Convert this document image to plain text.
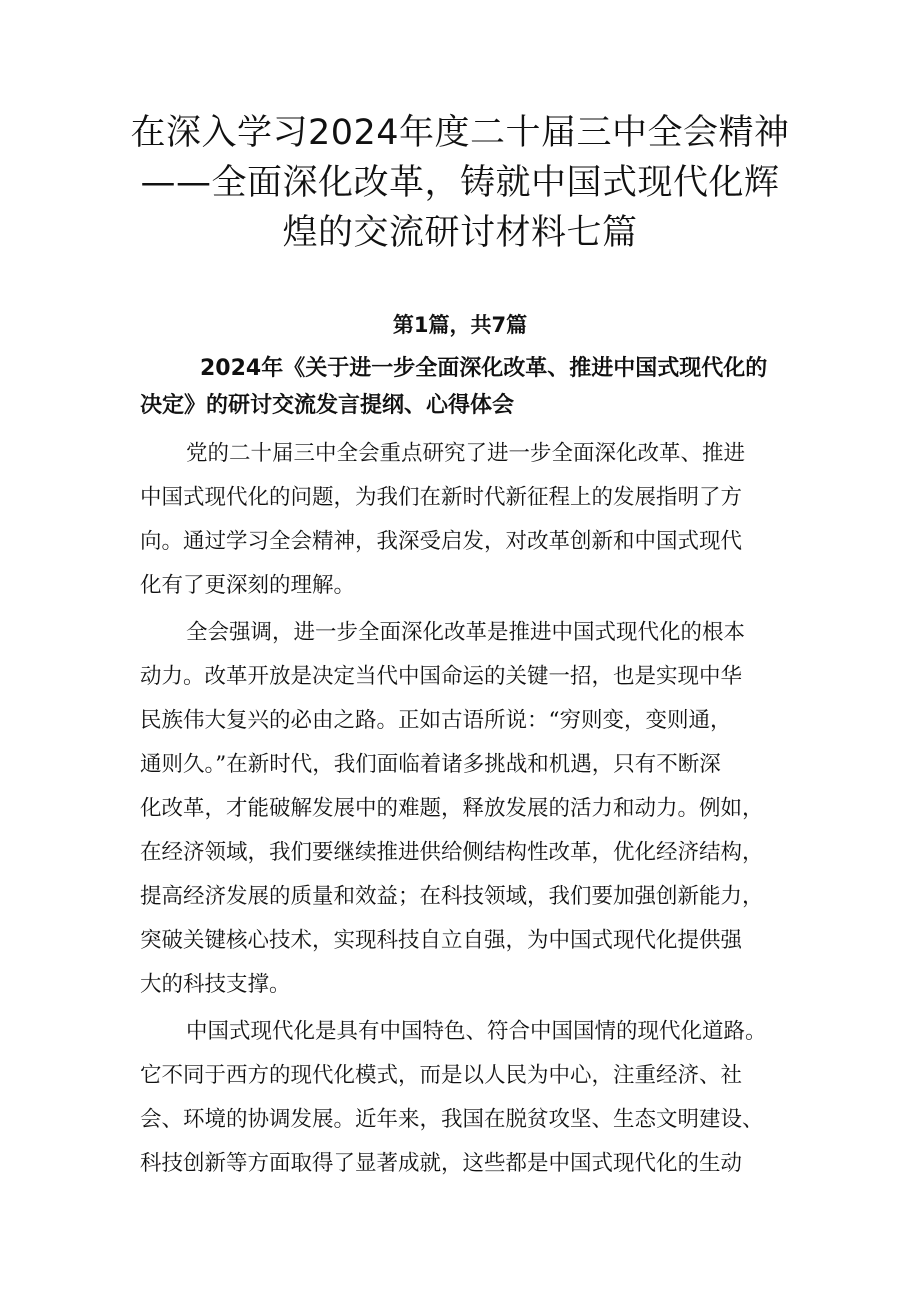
在深入学习2024年度二十届三中全会精神
——全面深化改革，铸就中国式现代化辉
煌的交流研讨材料七篇
第1篇，共7篇
2024年《关于进一步全面深化改革、推进中国式现代化的
决定》的研讨交流发言提纲、心得体会

党的二十届三中全会重点研究了进一步全面深化改革、推进
中国式现代化的问题，为我们在新时代新征程上的发展指明了方
向。通过学习全会精神，我深受启发，对改革创新和中国式现代
化有了更深刻的理解。

全会强调，进一步全面深化改革是推进中国式现代化的根本
动力。改革开放是决定当代中国命运的关键一招，也是实现中华
民族伟大复兴的必由之路。正如古语所说：“穷则变，变则通，
通则久。”在新时代，我们面临着诸多挑战和机遇，只有不断深
化改革，才能破解发展中的难题，释放发展的活力和动力。例如，
在经济领域，我们要继续推进供给侧结构性改革，优化经济结构，
提高经济发展的质量和效益；在科技领域，我们要加强创新能力，
突破关键核心技术，实现科技自立自强，为中国式现代化提供强
大的科技支撑。

中国式现代化是具有中国特色、符合中国国情的现代化道路。
它不同于西方的现代化模式，而是以人民为中心，注重经济、社
会、环境的协调发展。近年来，我国在脱贫攻坚、生态文明建设、
科技创新等方面取得了显著成就，这些都是中国式现代化的生动
